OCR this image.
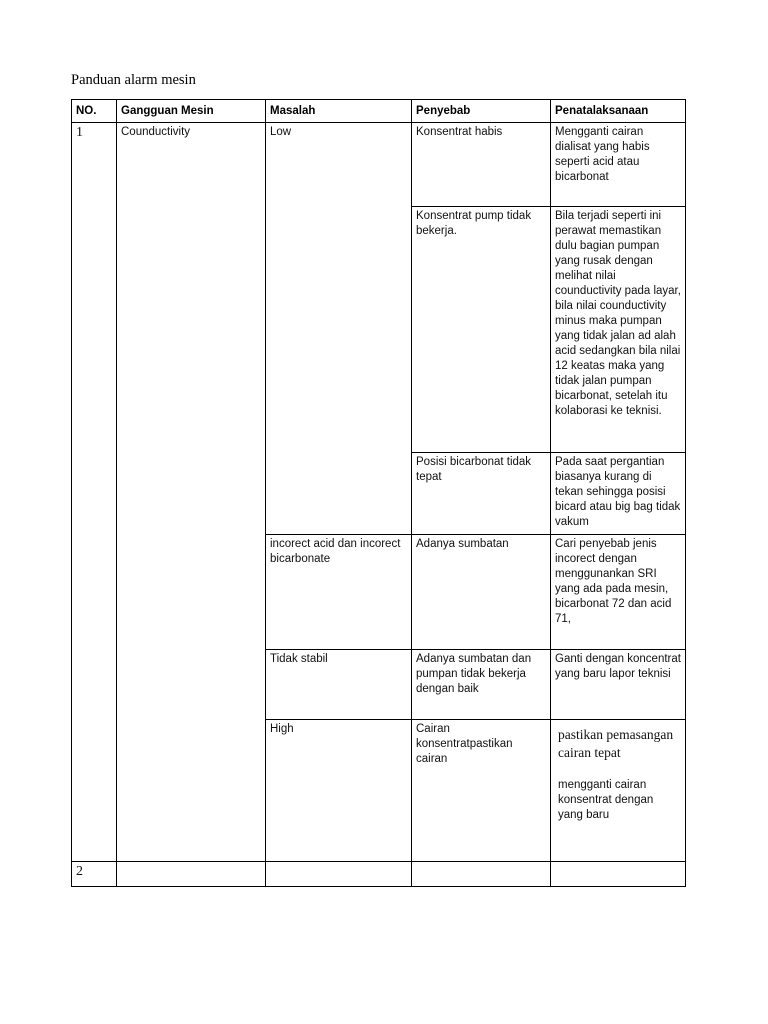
Panduan alarm mesin
NO.	Gangguan Mesin	Masalah	Penyebab	Penatalaksanaan
1	Counductivity	Low	Konsentrat habis	Mengganti cairan dialisat yang habis seperti acid atau bicarbonat
			Konsentrat pump tidak bekerja.	Bila terjadi seperti ini perawat memastikan dulu bagian pumpan yang rusak dengan melihat nilai counductivity pada layar, bila nilai counductivity minus maka pumpan yang tidak jalan ad alah acid sedangkan bila nilai 12 keatas maka yang tidak jalan pumpan bicarbonat, setelah itu kolaborasi ke teknisi.
			Posisi bicarbonat tidak tepat	Pada saat pergantian biasanya kurang di tekan sehingga posisi bicard atau big bag tidak vakum
		incorect acid dan incorect bicarbonate	Adanya sumbatan	Cari penyebab jenis incorect dengan menggunankan SRI yang ada pada mesin, bicarbonat 72 dan acid 71,
		Tidak stabil	Adanya sumbatan dan pumpan tidak bekerja dengan baik	Ganti dengan koncentrat yang baru lapor teknisi
		High	Cairan konsentratpastikan cairan	pastikan pemasangan cairan tepat
mengganti cairan konsentrat dengan yang baru

2				
